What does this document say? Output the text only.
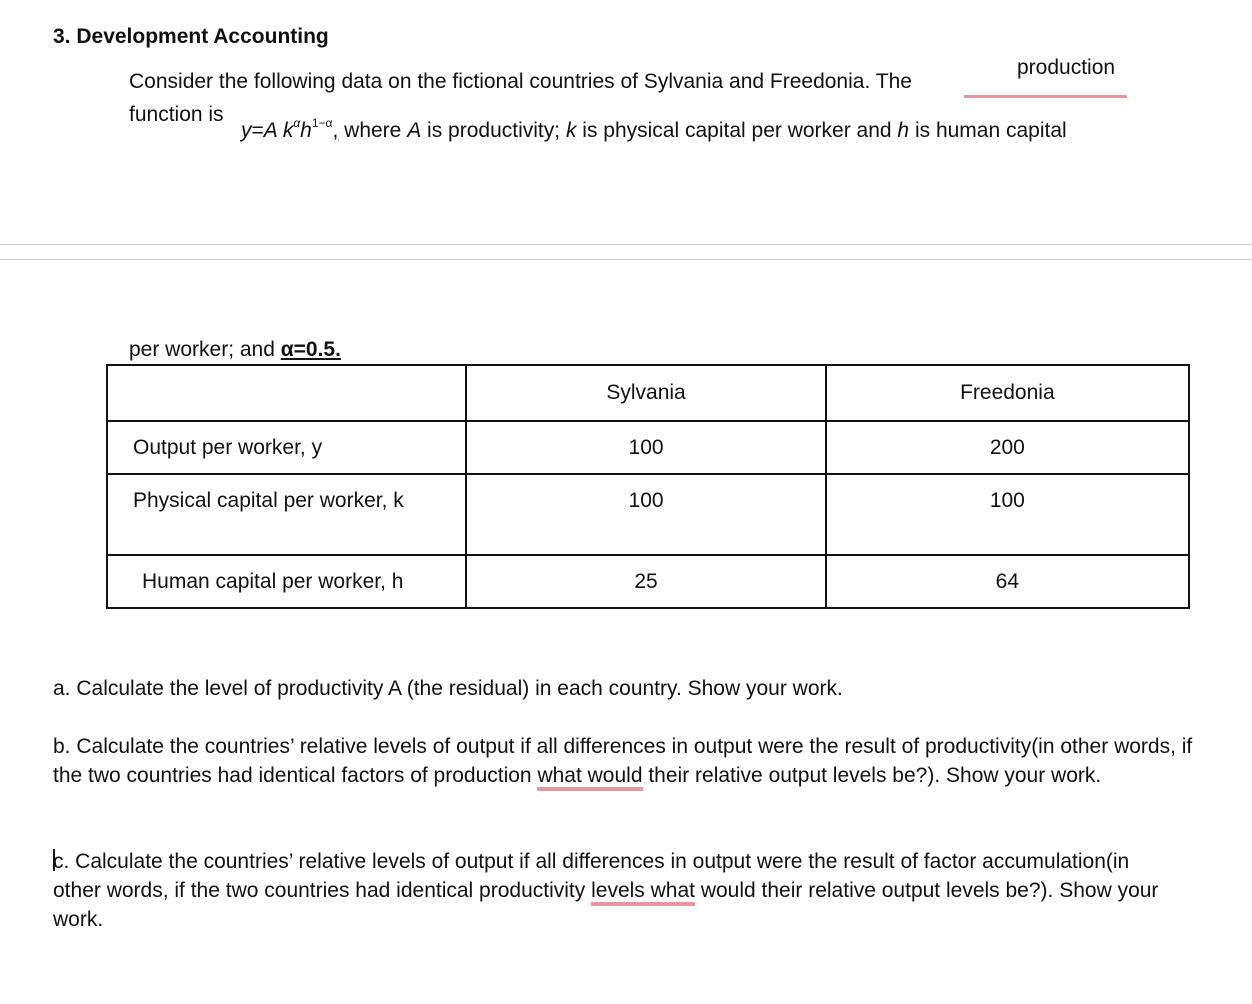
3. Development Accounting
Consider the following data on the fictional countries of Sylvania and Freedonia. The
production
function is
y=A $k^\alpha h^{1-\alpha}$, where A is productivity; k is physical capital per worker and h is human capital
per worker; and α=0.5.
	Sylvania	Freedonia
Output per worker, y	100	200
Physical capital per worker, k	100	100
Human capital per worker, h	25	64
a. Calculate the level of productivity A (the residual) in each country. Show your work.
b. Calculate the countries’ relative levels of output if all differences in output were the result of productivity(in other words, if the two countries had identical factors of production what would their relative output levels be?). Show your work.
c. Calculate the countries’ relative levels of output if all differences in output were the result of factor accumulation(in other words, if the two countries had identical productivity levels what would their relative output levels be?). Show your work.
